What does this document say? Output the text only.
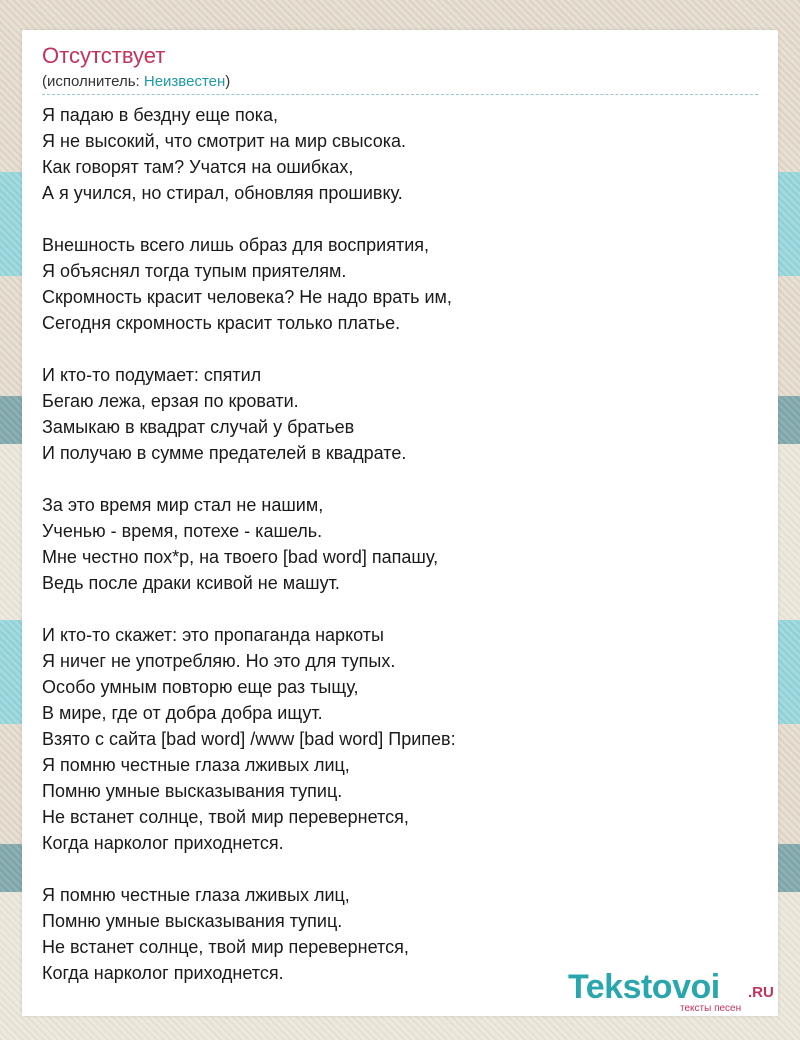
Отсутствует
(исполнитель: Неизвестен)
Я падаю в бездну еще пока,
Я не высокий, что смотрит на мир свысока.
Как говорят там? Учатся на ошибках,
А я учился, но стирал, обновляя прошивку.
Внешность всего лишь образ для восприятия,
Я объяснял тогда тупым приятелям.
Скромность красит человека? Не надо врать им,
Сегодня скромность красит только платье.
И кто-то подумает: спятил
Бегаю лежа, ерзая по кровати.
Замыкаю в квадрат случай у братьев
И получаю в сумме предателей в квадрате.
За это время мир стал не нашим,
Ученью - время, потехе - кашель.
Мне честно пох*р, на твоего [bad word] папашу,
Ведь после драки ксивой не машут.
И кто-то скажет: это пропаганда наркоты
Я ничег не употребляю. Но это для тупых.
Особо умным повторю еще раз тыщу,
В мире, где от добра добра ищут.
Взято с сайта [bad word] /www [bad word] Припев:
Я помню честные глаза лживых лиц,
Помню умные высказывания тупиц.
Не встанет солнце, твой мир перевернется,
Когда нарколог приходнется.
Я помню честные глаза лживых лиц,
Помню умные высказывания тупиц.
Не встанет солнце, твой мир перевернется,
Когда нарколог приходнется.	Tekstovoi .RU
тексты песен
